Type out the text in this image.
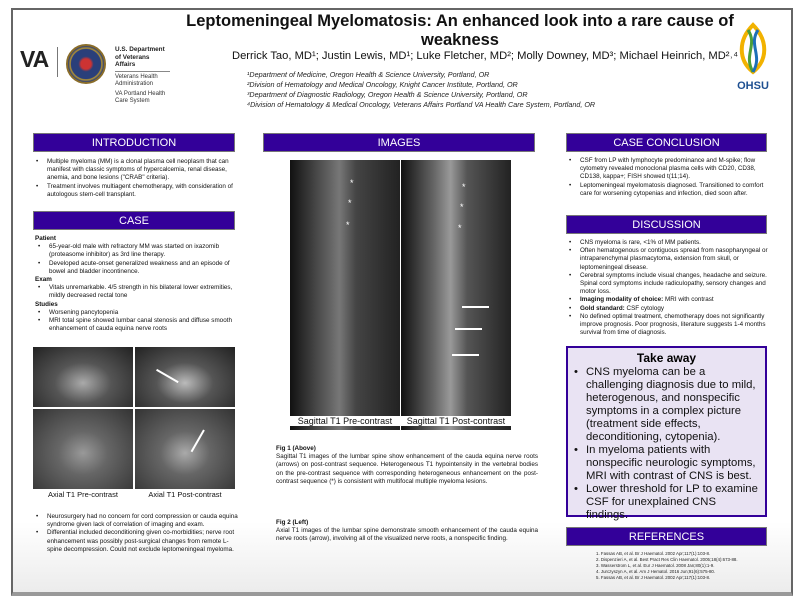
Leptomeningeal Myelomatosis: An enhanced look into a rare cause of weakness
Derrick Tao, MD¹; Justin Lewis, MD¹; Luke Fletcher, MD²; Molly Downey, MD³; Michael Heinrich, MD²˒⁴
¹Department of Medicine, Oregon Health & Science University, Portland, OR
²Division of Hematology and Medical Oncology, Knight Cancer Institute, Portland, OR
³Department of Diagnostic Radiology, Oregon Health & Science University, Portland, OR
⁴Division of Hematology & Medical Oncology, Veterans Affairs Portland VA Health Care System, Portland, OR
VA	U.S. Department of Veterans Affairs
Veterans Health Administration
VA Portland Health Care System
OHSU
INTRODUCTION
• Multiple myeloma (MM) is a clonal plasma cell neoplasm that can manifest with classic symptoms of hypercalcemia, renal disease, anemia, and bone lesions ("CRAB" criteria).
• Treatment involves multiagent chemotherapy, with consideration of autologous stem-cell transplant.
CASE
Patient
• 65-year-old male with refractory MM was started on ixazomib (proteasome inhibitor) as 3rd line therapy.
• Developed acute-onset generalized weakness and an episode of bowel and bladder incontinence.
Exam
• Vitals unremarkable. 4/5 strength in his bilateral lower extremities, mildly decreased rectal tone
Studies
• Worsening pancytopenia
• MRI total spine showed lumbar canal stenosis and diffuse smooth enhancement of cauda equina nerve roots
Axial T1 Pre-contrast	Axial T1 Post-contrast
• Neurosurgery had no concern for cord compression or cauda equina syndrome given lack of correlation of imaging and exam.
• Differential included deconditioning given co-morbidities; nerve root enhancement was possibly post-surgical changes from remote L-spine decompression. Could not exclude leptomeningeal myeloma.
IMAGES
*
*
*
*
*
*
Sagittal T1 Pre-contrast	Sagittal T1 Post-contrast
Fig 1 (Above)
Sagittal T1 images of the lumbar spine show enhancement of the cauda equina nerve roots (arrows) on post-contrast sequence. Heterogeneous T1 hypointensity in the vertebral bodies on the pre-contrast sequence with corresponding heterogeneous enhancement on the post-contrast sequence (*) is consistent with multifocal multiple myeloma lesions.
Fig 2 (Left)
Axial T1 images of the lumbar spine demonstrate smooth enhancement of the cauda equina nerve roots (arrow), involving all of the visualized nerve roots, a nonspecific finding.
CASE CONCLUSION
• CSF from LP with lymphocyte predominance and M-spike; flow cytometry revealed monoclonal plasma cells with CD20, CD38, CD138, kappa+; FISH showed t(11;14).
• Leptomeningeal myelomatosis diagnosed. Transitioned to comfort care for worsening cytopenias and infection, died soon after.
DISCUSSION
• CNS myeloma is rare, <1% of MM patients.
• Often hematogenous or contiguous spread from nasopharyngeal or intraparenchymal plasmacytoma, extension from skull, or leptomeningeal disease.
• Cerebral symptoms include visual changes, headache and seizure. Spinal cord symptoms include radiculopathy, sensory changes and motor loss.
• Imaging modality of choice: MRI with contrast
• Gold standard: CSF cytology
• No defined optimal treatment, chemotherapy does not significantly improve prognosis. Poor prognosis, literature suggests 1-4 months survival from time of diagnosis.
Take away
• CNS myeloma can be a challenging diagnosis due to mild, heterogenous, and nonspecific symptoms in a complex picture (treatment side effects, deconditioning, cytopenia).
• In myeloma patients with nonspecific neurologic symptoms, MRI with contrast of CNS is best.
• Lower threshold for LP to examine CSF for unexplained CNS findings.
REFERENCES
1. Fassas AB, et al. Br J Haematol. 2002 Apr;117(1):103-8.
2. Dispenzieri A, et al. Best Pract Res Clin Haematol. 2005;18(4):673-88.
3. Wasserstrom L, et al. Eur J Haematol. 2008 Jan;80(1):1-9.
4. Jurczyszyn A, et al. Am J Hematol. 2016 Jun;91(6):575-80.
5. Fassas AB, et al. Br J Haematol. 2002 Apr;117(1):103-8.
